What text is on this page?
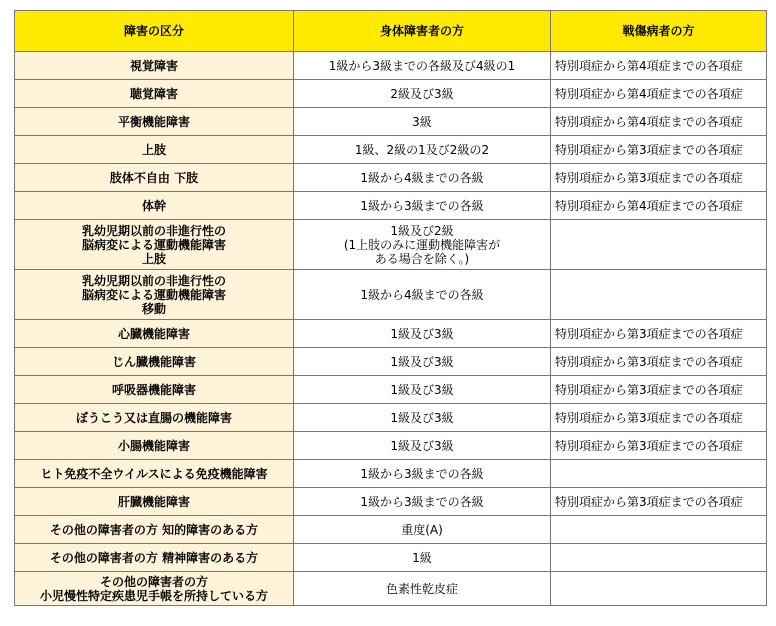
障害の区分	身体障害者の方	戦傷病者の方

視覚障害	1級から3級までの各級及び4級の1	特別項症から第4項症までの各項症

聴覚障害	2級及び3級	特別項症から第4項症までの各項症

平衡機能障害	3級	特別項症から第4項症までの各項症

上肢	1級、2級の1及び2級の2	特別項症から第3項症までの各項症

肢体不自由 下肢	1級から4級までの各級	特別項症から第3項症までの各項症

体幹	1級から3級までの各級	特別項症から第4項症までの各項症

乳幼児期以前の非進行性の
脳病変による運動機能障害
上肢	1級及び2級
(1上肢のみに運動機能障害が
ある場合を除く。)	

乳幼児期以前の非進行性の
脳病変による運動機能障害
移動	1級から4級までの各級	

心臓機能障害	1級及び3級	特別項症から第3項症までの各項症

じん臓機能障害	1級及び3級	特別項症から第3項症までの各項症

呼吸器機能障害	1級及び3級	特別項症から第3項症までの各項症

ぼうこう又は直腸の機能障害	1級及び3級	特別項症から第3項症までの各項症

小腸機能障害	1級及び3級	特別項症から第3項症までの各項症

ヒト免疫不全ウイルスによる免疫機能障害	1級から3級までの各級	

肝臓機能障害	1級から3級までの各級	特別項症から第3項症までの各項症

その他の障害者の方 知的障害のある方	重度(A)	

その他の障害者の方 精神障害のある方	1級	

その他の障害者の方
小児慢性特定疾患児手帳を所持している方	色素性乾皮症	
